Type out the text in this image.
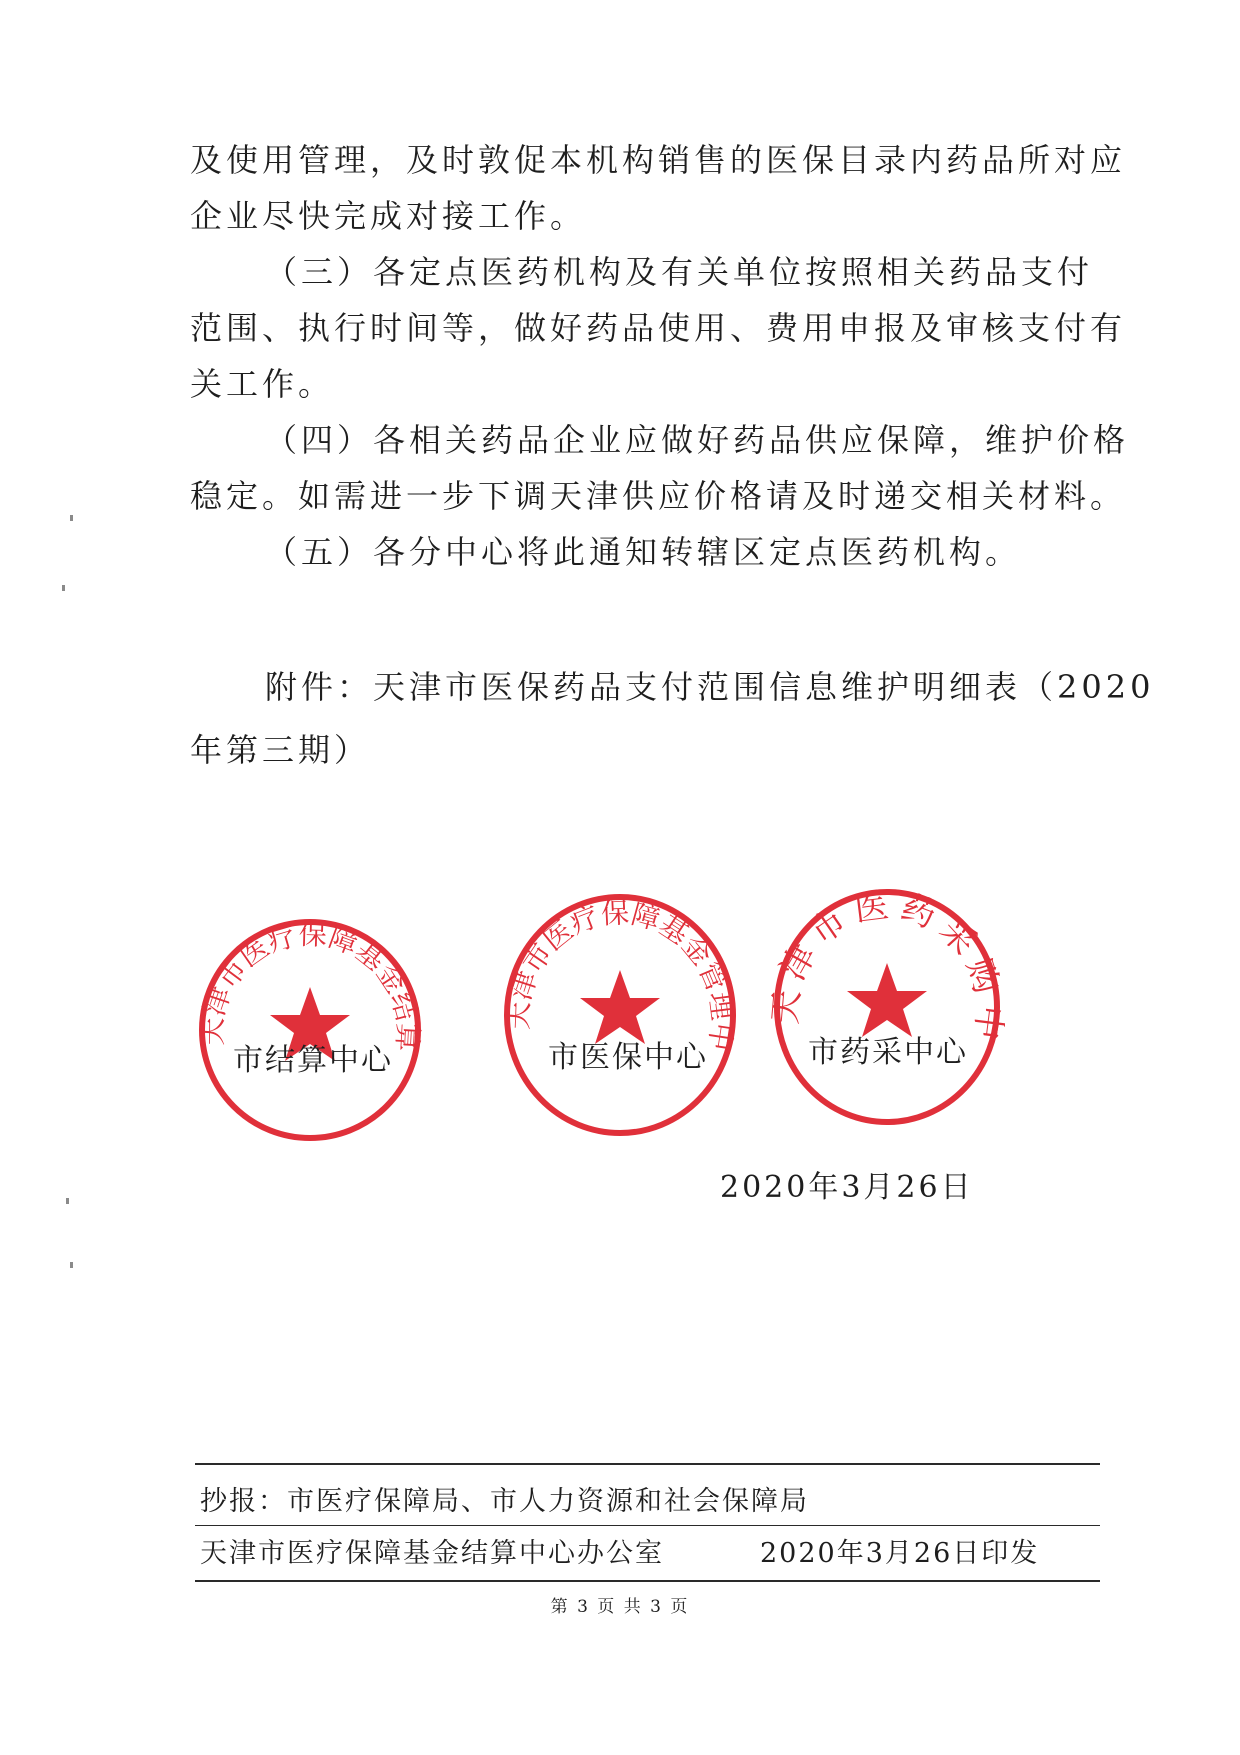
及使用管理，及时敦促本机构销售的医保目录内药品所对应

企业尽快完成对接工作。

（三）各定点医药机构及有关单位按照相关药品支付

范围、执行时间等，做好药品使用、费用申报及审核支付有

关工作。

（四）各相关药品企业应做好药品供应保障，维护价格

稳定。如需进一步下调天津供应价格请及时递交相关材料。

（五）各分中心将此通知转辖区定点医药机构。

附件：天津市医保药品支付范围信息维护明细表（2020

年第三期）

天津市医疗保障基金结算
市结算中心
天津市医疗保障基金管理中
市医保中心
津市医药采购
市药采中心

2020年3月26日

抄报：市医疗保障局、市人力资源和社会保障局

天津市医疗保障基金结算中心办公室	2020年3月26日印发

第 3 页 共 3 页
